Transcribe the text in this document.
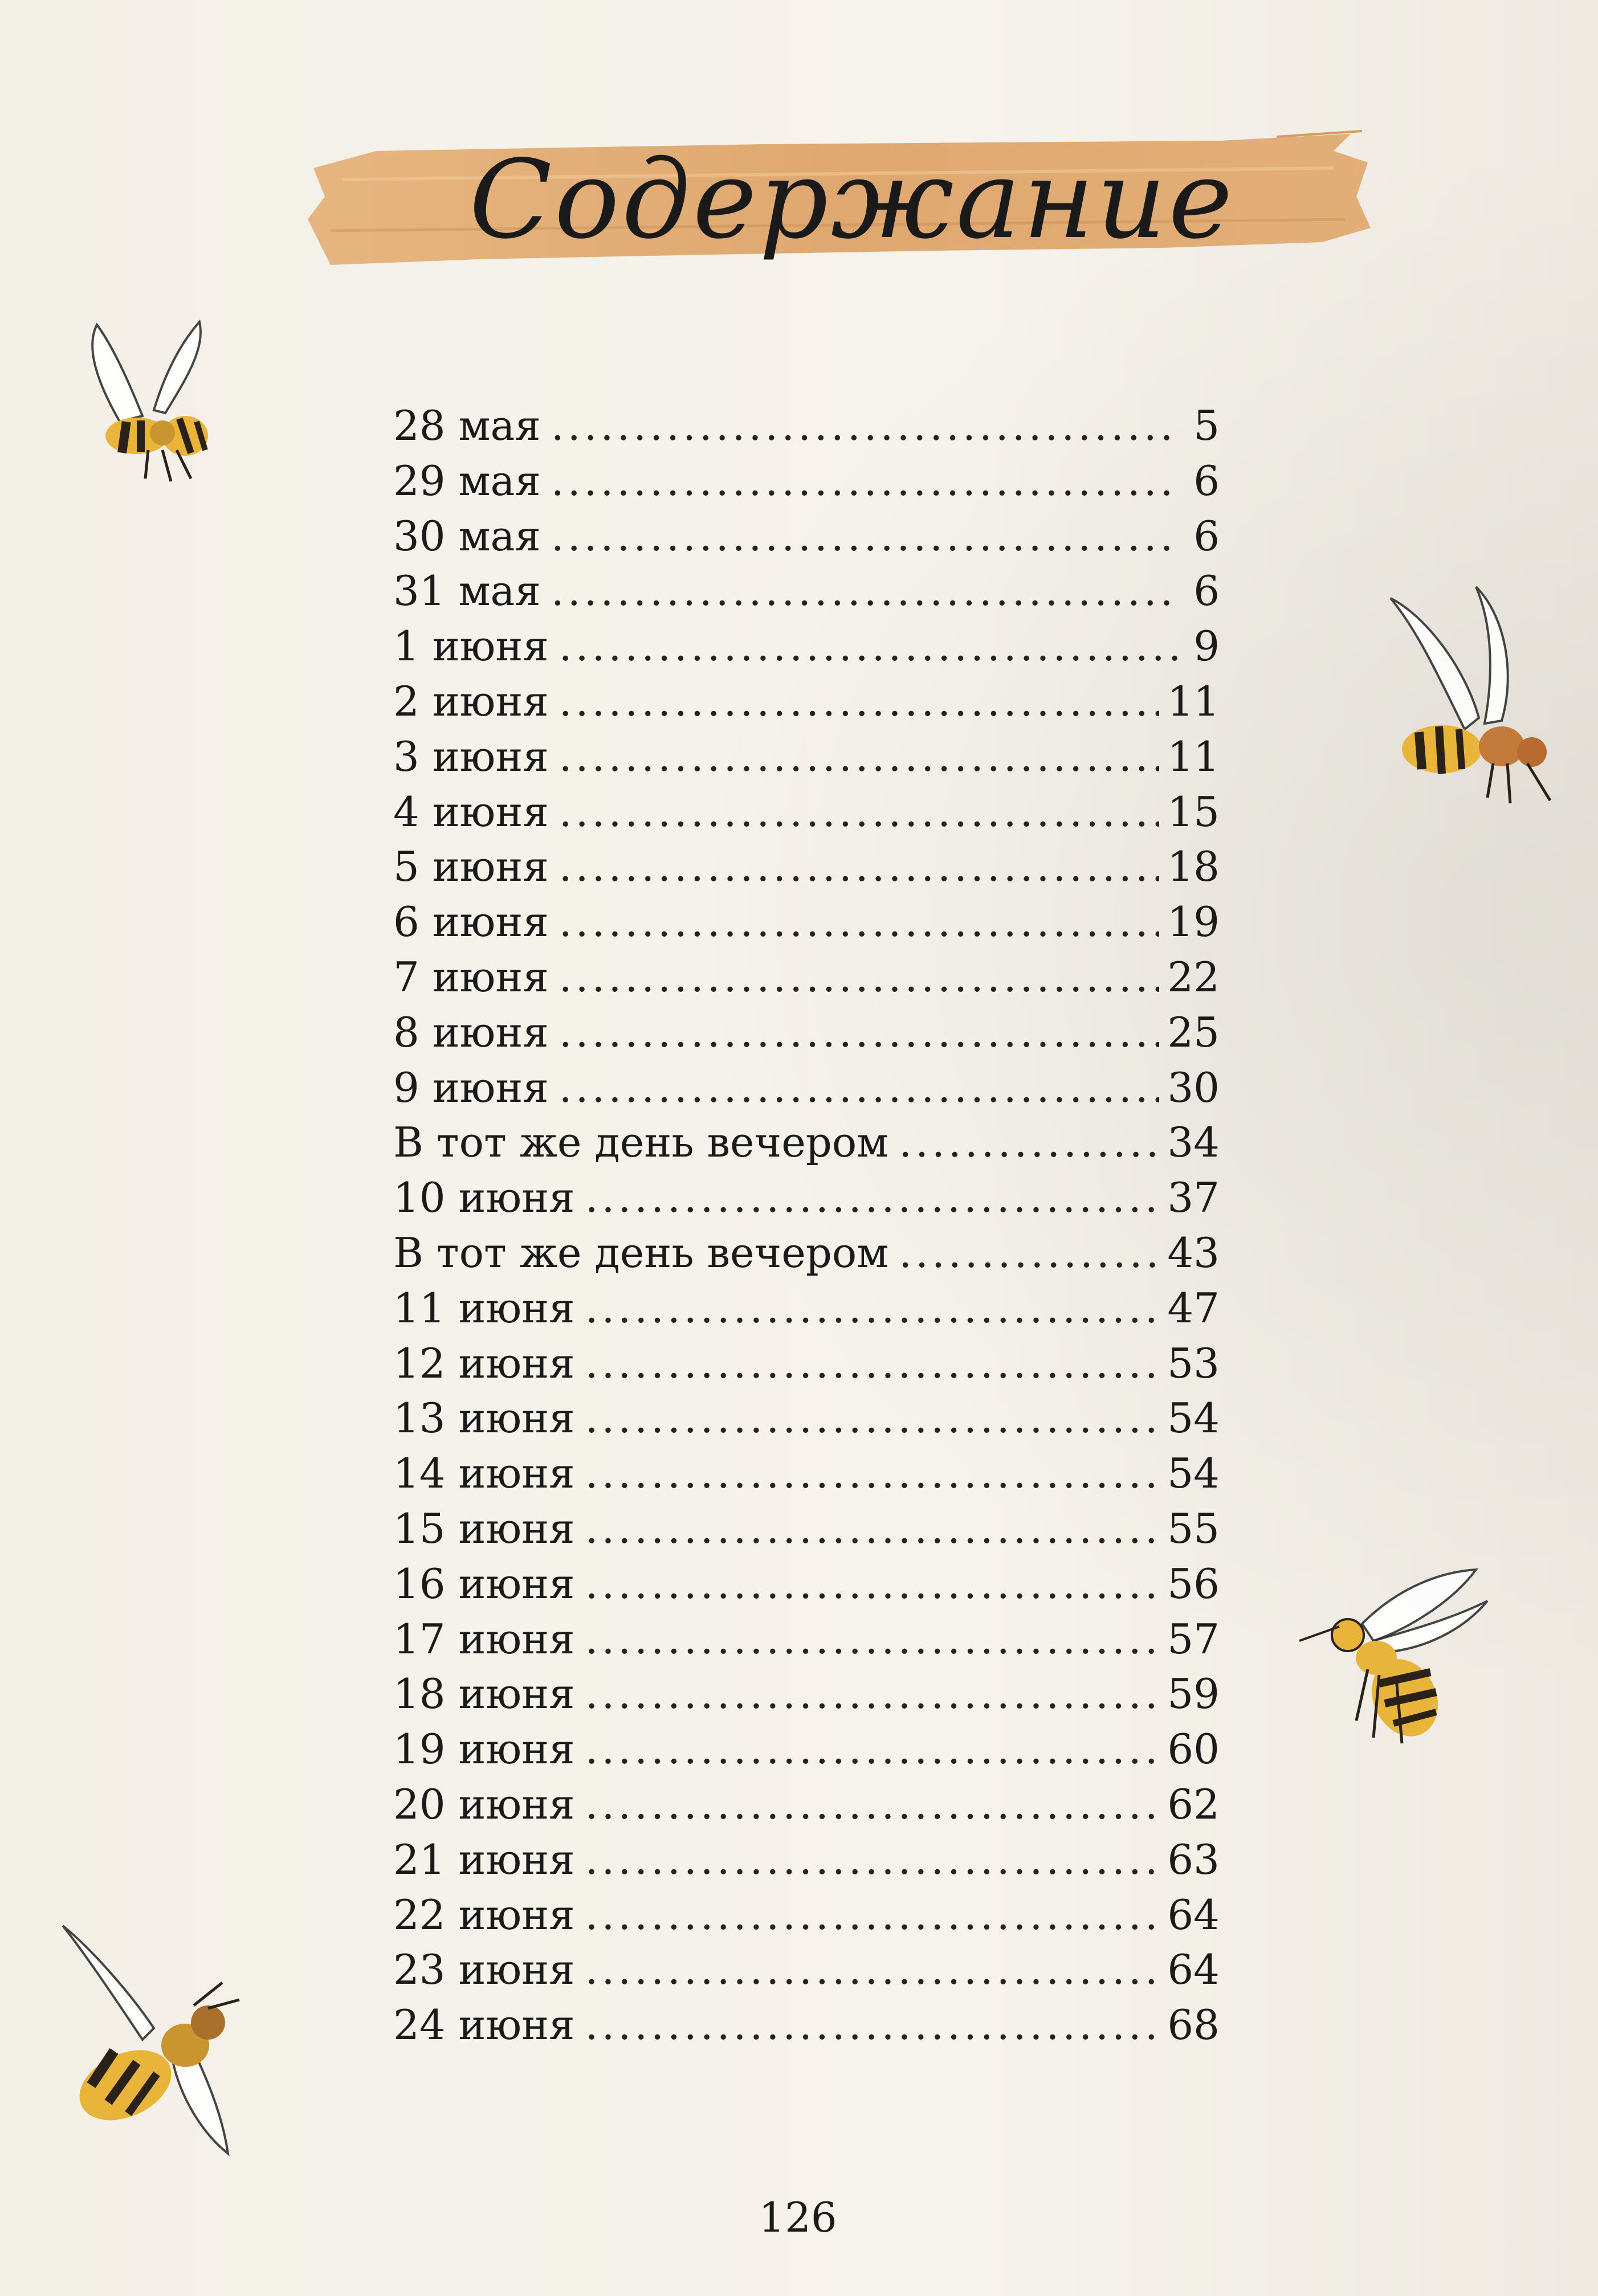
Содержание
28 мая .....	5
29 мая .....	6
30 мая .....	6
31 мая .....	6
1 июня .....	9
2 июня .....	11
3 июня .....	11
4 июня .....	15
5 июня .....	18
6 июня .....	19
7 июня .....	22
8 июня .....	25
9 июня .....	30
В тот же день вечером .....	34
10 июня .....	37
В тот же день вечером .....	43
11 июня .....	47
12 июня .....	53
13 июня .....	54
14 июня .....	54
15 июня .....	55
16 июня .....	56
17 июня .....	57
18 июня .....	59
19 июня .....	60
20 июня .....	62
21 июня .....	63
22 июня .....	64
23 июня .....	64
24 июня .....	68
126
